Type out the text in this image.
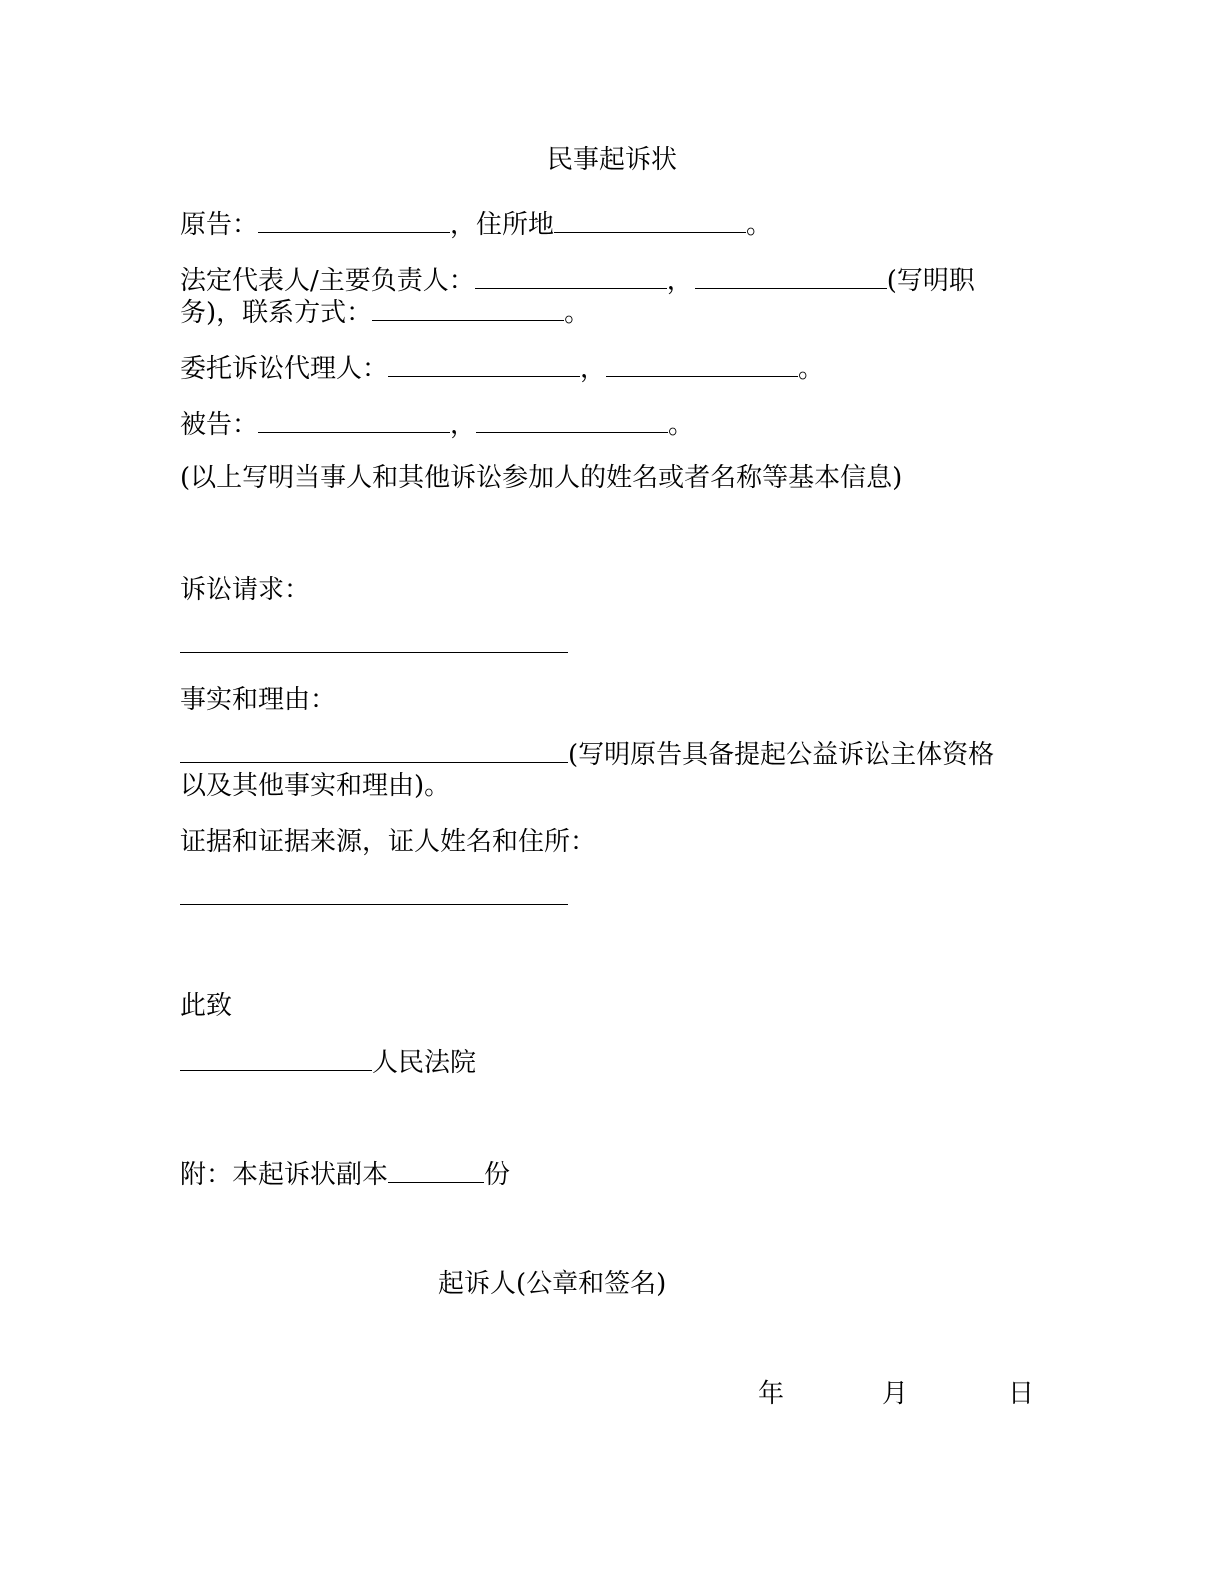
民事起诉状
原告：	，住所地	。
法定代表人/主要负责人：	，	(写明职
务)，联系方式：	。
委托诉讼代理人：	，	。
被告：	，	。
(以上写明当事人和其他诉讼参加人的姓名或者名称等基本信息)
诉讼请求：
事实和理由：
(写明原告具备提起公益诉讼主体资格
以及其他事实和理由)。
证据和证据来源，证人姓名和住所：
此致
人民法院
附：本起诉状副本	份
起诉人(公章和签名)
年	月	日
